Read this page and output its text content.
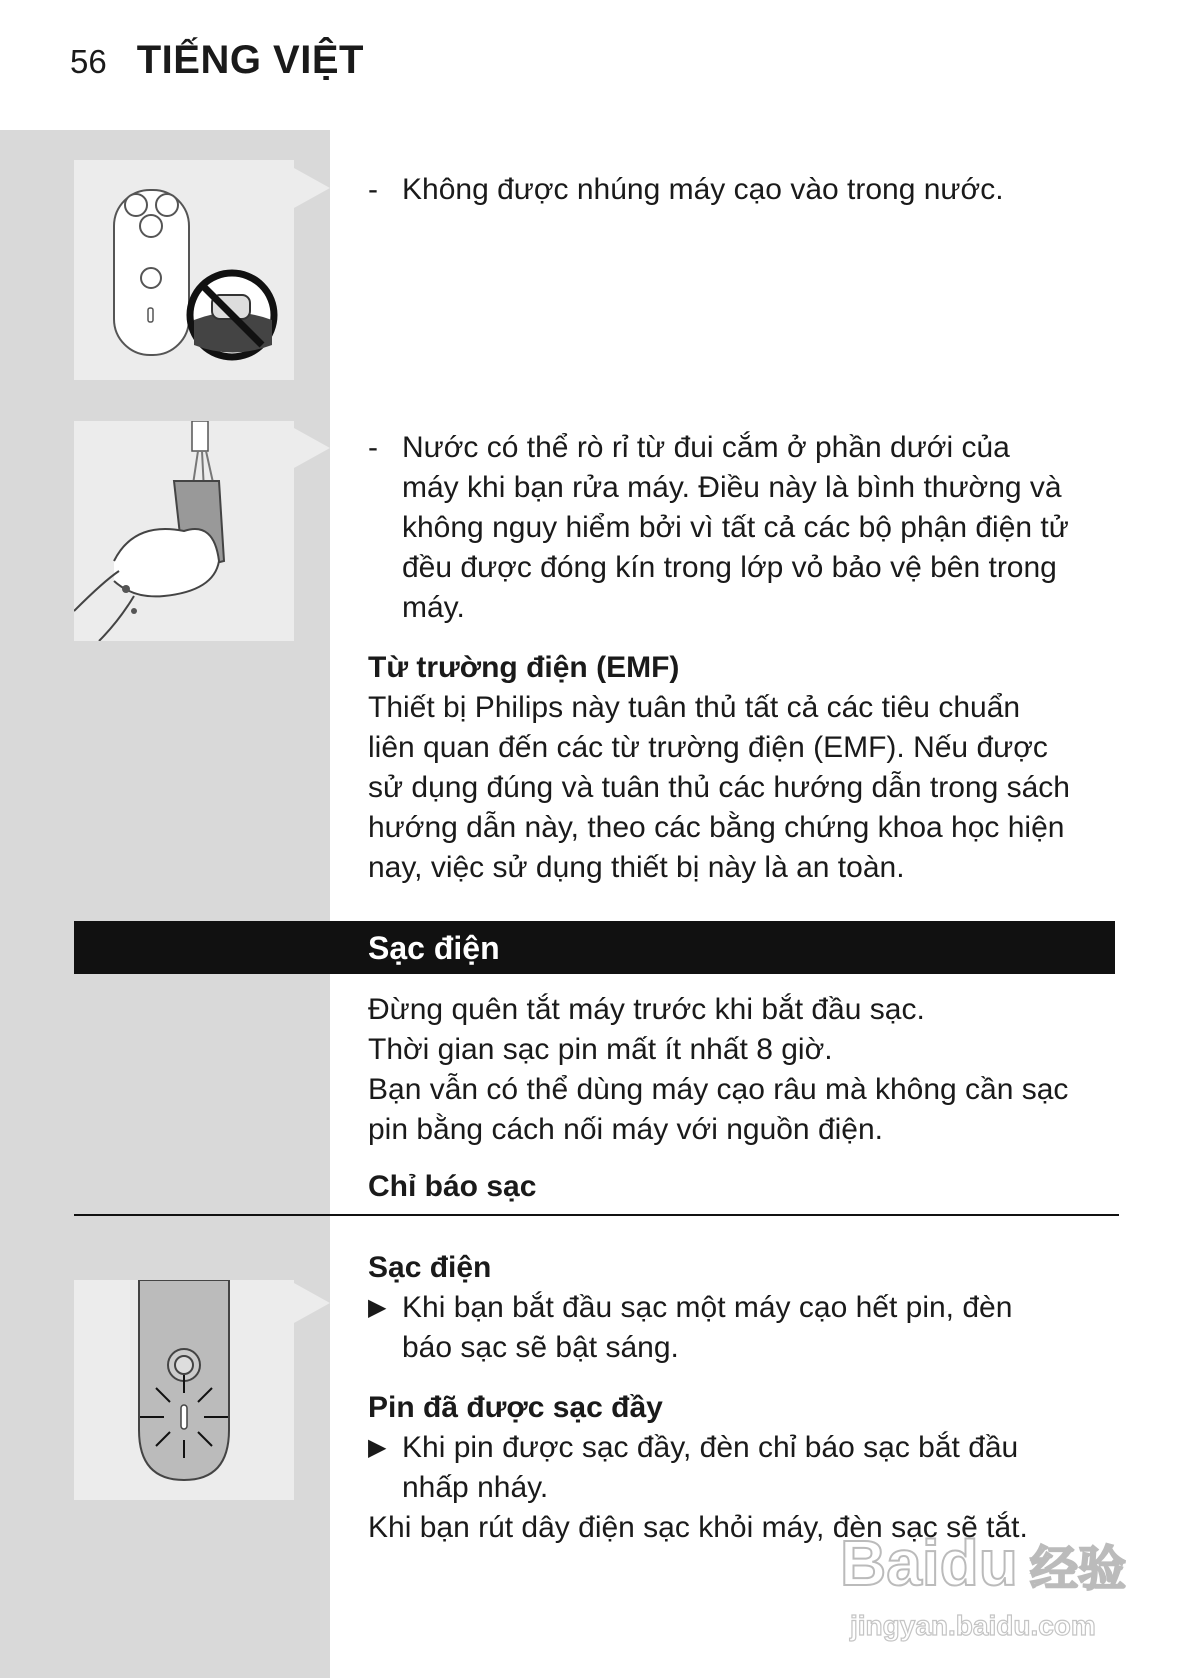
56 TIẾNG VIỆT
- Không được nhúng máy cạo vào trong nước.
- Nước có thể rò rỉ từ đui cắm ở phần dưới của
máy khi bạn rửa máy. Điều này là bình thường và
không nguy hiểm bởi vì tất cả các bộ phận điện tử
đều được đóng kín trong lớp vỏ bảo vệ bên trong
máy.
Từ trường điện (EMF)
Thiết bị Philips này tuân thủ tất cả các tiêu chuẩn
liên quan đến các từ trường điện (EMF). Nếu được
sử dụng đúng và tuân thủ các hướng dẫn trong sách
hướng dẫn này, theo các bằng chứng khoa học hiện
nay, việc sử dụng thiết bị này là an toàn.
Sạc điện
Đừng quên tắt máy trước khi bắt đầu sạc.
Thời gian sạc pin mất ít nhất 8 giờ.
Bạn vẫn có thể dùng máy cạo râu mà không cần sạc
pin bằng cách nối máy với nguồn điện.
Chỉ báo sạc
Sạc điện
▶ Khi bạn bắt đầu sạc một máy cạo hết pin, đèn
báo sạc sẽ bật sáng.
Pin đã được sạc đầy
▶ Khi pin được sạc đầy, đèn chỉ báo sạc bắt đầu
nhấp nháy.
Khi bạn rút dây điện sạc khỏi máy, đèn sạc sẽ tắt.
Baidu 经验
jingyan.baidu.com
